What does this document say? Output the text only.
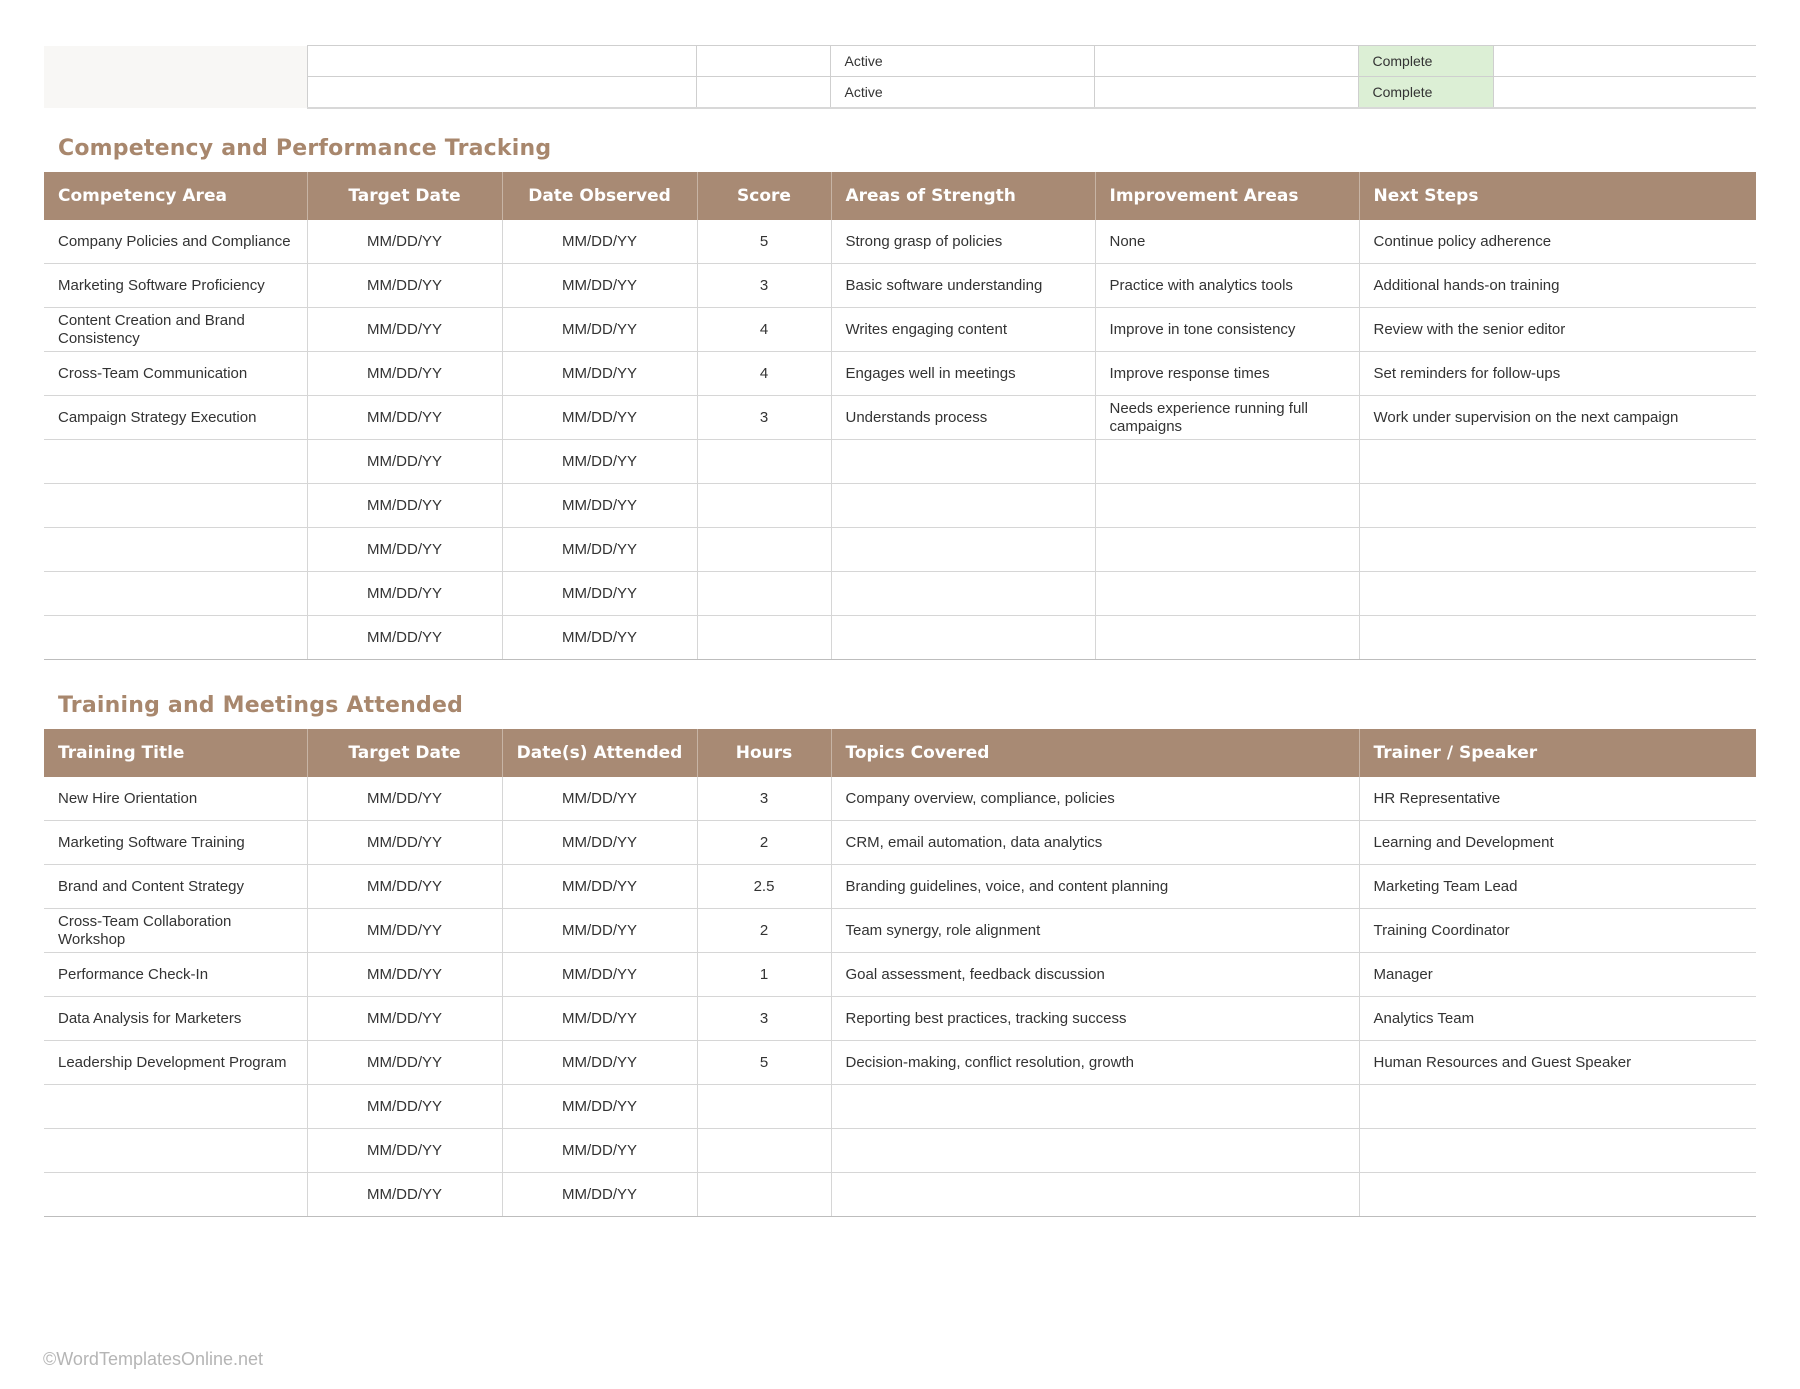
			Active		Complete	
			Active		Complete	
Competency and Performance Tracking
Competency Area	Target Date	Date Observed	Score	Areas of Strength	Improvement Areas	Next Steps
Company Policies and Compliance	MM/DD/YY	MM/DD/YY	5	Strong grasp of policies	None	Continue policy adherence
Marketing Software Proficiency	MM/DD/YY	MM/DD/YY	3	Basic software understanding	Practice with analytics tools	Additional hands-on training
Content Creation and Brand Consistency	MM/DD/YY	MM/DD/YY	4	Writes engaging content	Improve in tone consistency	Review with the senior editor
Cross-Team Communication	MM/DD/YY	MM/DD/YY	4	Engages well in meetings	Improve response times	Set reminders for follow-ups
Campaign Strategy Execution	MM/DD/YY	MM/DD/YY	3	Understands process	Needs experience running full campaigns	Work under supervision on the next campaign
	MM/DD/YY	MM/DD/YY				
	MM/DD/YY	MM/DD/YY				
	MM/DD/YY	MM/DD/YY				
	MM/DD/YY	MM/DD/YY				
	MM/DD/YY	MM/DD/YY				
Training and Meetings Attended
Training Title	Target Date	Date(s) Attended	Hours	Topics Covered	Trainer / Speaker
New Hire Orientation	MM/DD/YY	MM/DD/YY	3	Company overview, compliance, policies	HR Representative
Marketing Software Training	MM/DD/YY	MM/DD/YY	2	CRM, email automation, data analytics	Learning and Development
Brand and Content Strategy	MM/DD/YY	MM/DD/YY	2.5	Branding guidelines, voice, and content planning	Marketing Team Lead
Cross-Team Collaboration Workshop	MM/DD/YY	MM/DD/YY	2	Team synergy, role alignment	Training Coordinator
Performance Check-In	MM/DD/YY	MM/DD/YY	1	Goal assessment, feedback discussion	Manager
Data Analysis for Marketers	MM/DD/YY	MM/DD/YY	3	Reporting best practices, tracking success	Analytics Team
Leadership Development Program	MM/DD/YY	MM/DD/YY	5	Decision-making, conflict resolution, growth	Human Resources and Guest Speaker
	MM/DD/YY	MM/DD/YY			
	MM/DD/YY	MM/DD/YY			
	MM/DD/YY	MM/DD/YY			
©WordTemplatesOnline.net
